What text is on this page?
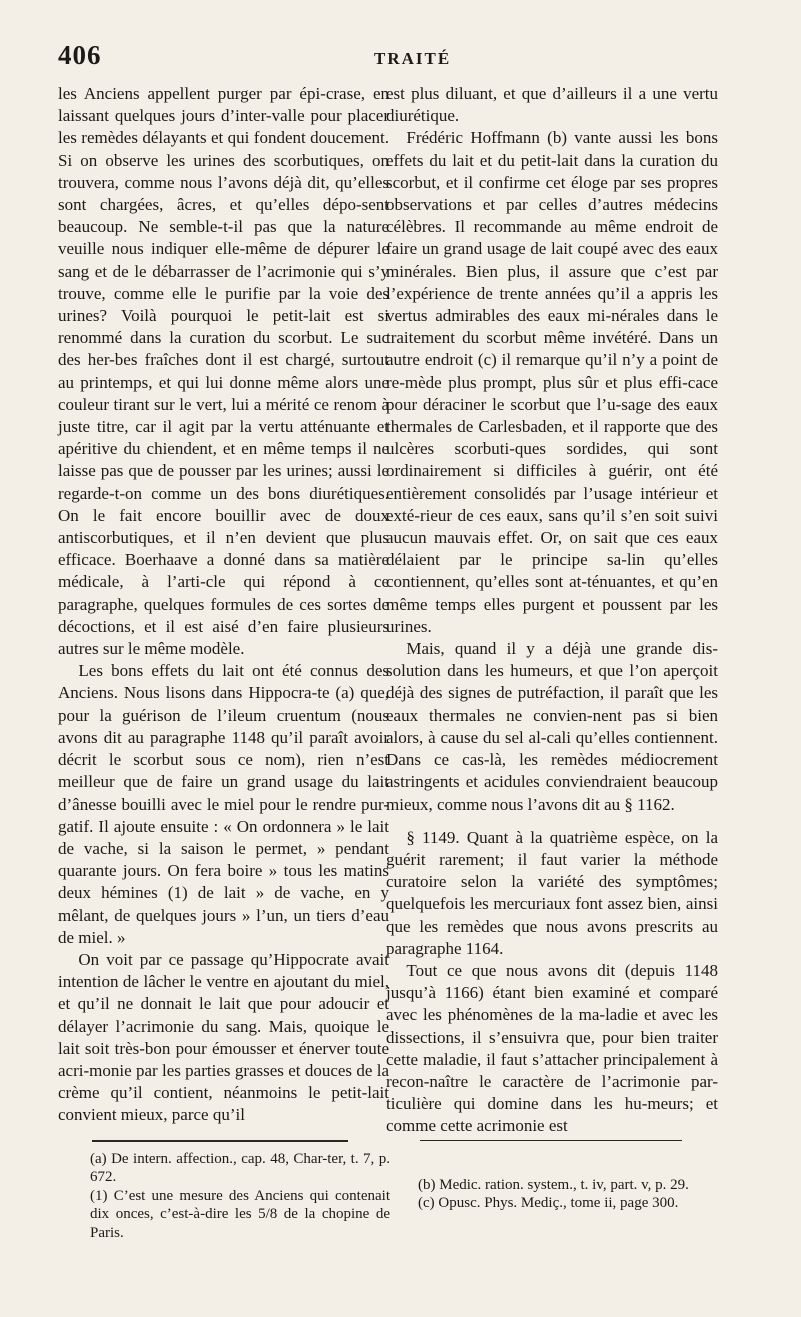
406	TRAITÉ

les Anciens appellent purger par épi-crase, en laissant quelques jours d’inter-valle pour placer les remèdes délayants et qui fondent doucement. Si on observe les urines des scorbutiques, on trouvera, comme nous l’avons déjà dit, qu’elles sont chargées, âcres, et qu’elles dépo-sent beaucoup. Ne semble-t-il pas que la nature veuille nous indiquer elle-même de dépurer le sang et de le débarrasser de l’acrimonie qui s’y trouve, comme elle le purifie par la voie des urines? Voilà pourquoi le petit-lait est si renommé dans la curation du scorbut. Le suc des her-bes fraîches dont il est chargé, surtout au printemps, et qui lui donne même alors une couleur tirant sur le vert, lui a mérité ce renom à juste titre, car il agit par la vertu atténuante et apéritive du chiendent, et en même temps il ne laisse pas que de pousser par les urines; aussi le regarde-t-on comme un des bons diurétiques. On le fait encore bouillir avec de doux antiscorbutiques, et il n’en devient que plus efficace. Boerhaave a donné dans sa matière médicale, à l’arti-cle qui répond à ce paragraphe, quelques formules de ces sortes de décoctions, et il est aisé d’en faire plusieurs autres sur le même modèle.

Les bons effets du lait ont été connus des Anciens. Nous lisons dans Hippocra-te (a) que, pour la guérison de l’ileum cruentum (nous avons dit au paragraphe 1148 qu’il paraît avoir décrit le scorbut sous ce nom), rien n’est meilleur que de faire un grand usage du lait d’ânesse bouilli avec le miel pour le rendre pur-gatif. Il ajoute ensuite : « On ordonnera » le lait de vache, si la saison le permet, » pendant quarante jours. On fera boire » tous les matins deux hémines (1) de lait » de vache, en y mêlant, de quelques jours » l’un, un tiers d’eau de miel. »

On voit par ce passage qu’Hippocrate avait intention de lâcher le ventre en ajoutant du miel, et qu’il ne donnait le lait que pour adoucir et délayer l’acrimonie du sang. Mais, quoique le lait soit très-bon pour émousser et énerver toute acri-monie par les parties grasses et douces de la crème qu’il contient, néanmoins le petit-lait convient mieux, parce qu’il

est plus diluant, et que d’ailleurs il a une vertu diurétique.

Frédéric Hoffmann (b) vante aussi les bons effets du lait et du petit-lait dans la curation du scorbut, et il confirme cet éloge par ses propres observations et par celles d’autres médecins célèbres. Il recommande au même endroit de faire un grand usage de lait coupé avec des eaux minérales. Bien plus, il assure que c’est par l’expérience de trente années qu’il a appris les vertus admirables des eaux mi-nérales dans le traitement du scorbut même invétéré. Dans un autre endroit (c) il remarque qu’il n’y a point de re-mède plus prompt, plus sûr et plus effi-cace pour déraciner le scorbut que l’u-sage des eaux thermales de Carlesbaden, et il rapporte que des ulcères scorbuti-ques sordides, qui sont ordinairement si difficiles à guérir, ont été entièrement consolidés par l’usage intérieur et exté-rieur de ces eaux, sans qu’il s’en soit suivi aucun mauvais effet. Or, on sait que ces eaux délaient par le principe sa-lin qu’elles contiennent, qu’elles sont at-ténuantes, et qu’en même temps elles purgent et poussent par les urines.

Mais, quand il y a déjà une grande dis-solution dans les humeurs, et que l’on aperçoit déjà des signes de putréfaction, il paraît que les eaux thermales ne convien-nent pas si bien alors, à cause du sel al-cali qu’elles contiennent. Dans ce cas-là, les remèdes médiocrement astringents et acidules conviendraient beaucoup mieux, comme nous l’avons dit au § 1162.

§ 1149. Quant à la quatrième espèce, on la guérit rarement; il faut varier la méthode curatoire selon la variété des symptômes; quelquefois les mercuriaux font assez bien, ainsi que les remèdes que nous avons prescrits au paragraphe 1164.

Tout ce que nous avons dit (depuis 1148 jusqu’à 1166) étant bien examiné et comparé avec les phénomènes de la ma-ladie et avec les dissections, il s’ensuivra que, pour bien traiter cette maladie, il faut s’attacher principalement à recon-naître le caractère de l’acrimonie par-ticulière qui domine dans les hu-meurs; et comme cette acrimonie est

(a) De intern. affection., cap. 48, Char-ter, t. 7, p. 672.

(1) C’est une mesure des Anciens qui contenait dix onces, c’est-à-dire les 5/8 de la chopine de Paris.

(b) Medic. ration. system., t. iv, part. v, p. 29.

(c) Opusc. Phys. Mediç., tome ii, page 300.
